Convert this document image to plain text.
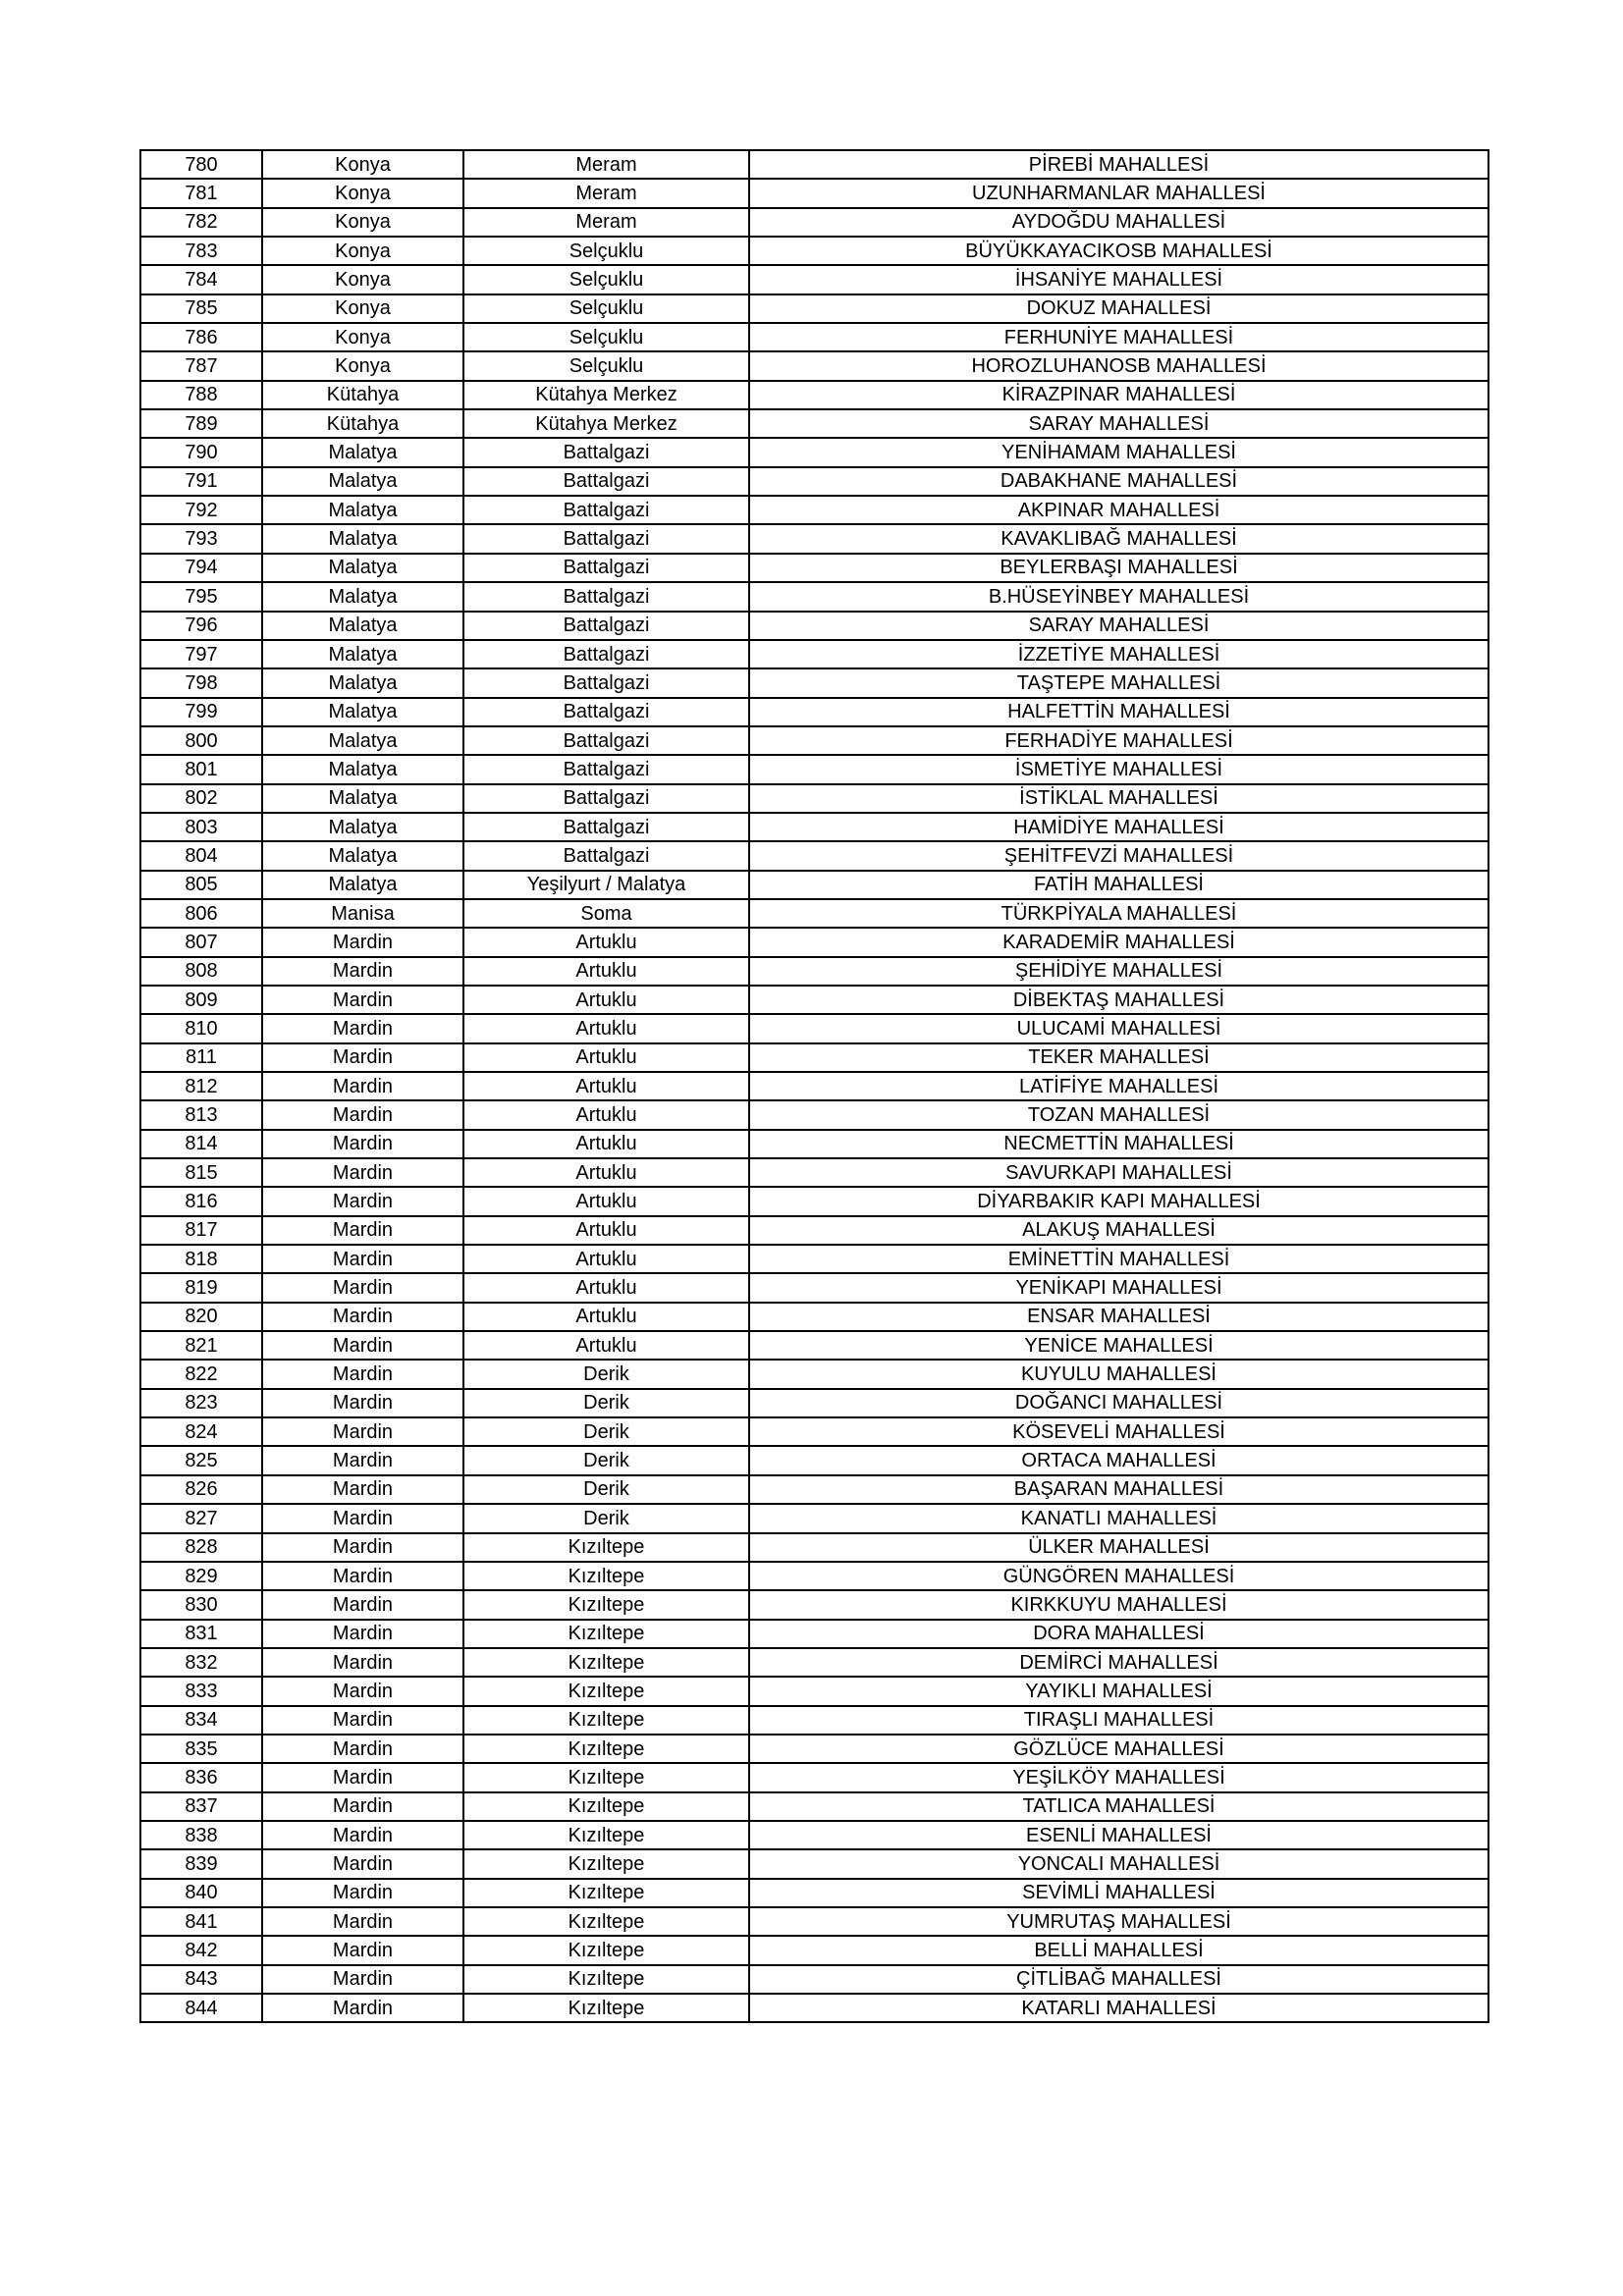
780	Konya	Meram	PİREBİ MAHALLESİ
781	Konya	Meram	UZUNHARMANLAR MAHALLESİ
782	Konya	Meram	AYDOĞDU MAHALLESİ
783	Konya	Selçuklu	BÜYÜKKAYACIKOSB MAHALLESİ
784	Konya	Selçuklu	İHSANİYE MAHALLESİ
785	Konya	Selçuklu	DOKUZ MAHALLESİ
786	Konya	Selçuklu	FERHUNİYE MAHALLESİ
787	Konya	Selçuklu	HOROZLUHANOSB MAHALLESİ
788	Kütahya	Kütahya Merkez	KİRAZPINAR MAHALLESİ
789	Kütahya	Kütahya Merkez	SARAY MAHALLESİ
790	Malatya	Battalgazi	YENİHAMAM MAHALLESİ
791	Malatya	Battalgazi	DABAKHANE MAHALLESİ
792	Malatya	Battalgazi	AKPINAR MAHALLESİ
793	Malatya	Battalgazi	KAVAKLIBAĞ MAHALLESİ
794	Malatya	Battalgazi	BEYLERBAŞI MAHALLESİ
795	Malatya	Battalgazi	B.HÜSEYİNBEY MAHALLESİ
796	Malatya	Battalgazi	SARAY MAHALLESİ
797	Malatya	Battalgazi	İZZETİYE MAHALLESİ
798	Malatya	Battalgazi	TAŞTEPE MAHALLESİ
799	Malatya	Battalgazi	HALFETTİN MAHALLESİ
800	Malatya	Battalgazi	FERHADİYE MAHALLESİ
801	Malatya	Battalgazi	İSMETİYE MAHALLESİ
802	Malatya	Battalgazi	İSTİKLAL MAHALLESİ
803	Malatya	Battalgazi	HAMİDİYE MAHALLESİ
804	Malatya	Battalgazi	ŞEHİTFEVZİ MAHALLESİ
805	Malatya	Yeşilyurt / Malatya	FATİH MAHALLESİ
806	Manisa	Soma	TÜRKPİYALA MAHALLESİ
807	Mardin	Artuklu	KARADEMİR MAHALLESİ
808	Mardin	Artuklu	ŞEHİDİYE MAHALLESİ
809	Mardin	Artuklu	DİBEKTAŞ MAHALLESİ
810	Mardin	Artuklu	ULUCAMİ MAHALLESİ
811	Mardin	Artuklu	TEKER MAHALLESİ
812	Mardin	Artuklu	LATİFİYE MAHALLESİ
813	Mardin	Artuklu	TOZAN MAHALLESİ
814	Mardin	Artuklu	NECMETTİN MAHALLESİ
815	Mardin	Artuklu	SAVURKAPI MAHALLESİ
816	Mardin	Artuklu	DİYARBAKIR KAPI MAHALLESİ
817	Mardin	Artuklu	ALAKUŞ MAHALLESİ
818	Mardin	Artuklu	EMİNETTİN MAHALLESİ
819	Mardin	Artuklu	YENİKAPI MAHALLESİ
820	Mardin	Artuklu	ENSAR MAHALLESİ
821	Mardin	Artuklu	YENİCE MAHALLESİ
822	Mardin	Derik	KUYULU MAHALLESİ
823	Mardin	Derik	DOĞANCI MAHALLESİ
824	Mardin	Derik	KÖSEVELİ MAHALLESİ
825	Mardin	Derik	ORTACA MAHALLESİ
826	Mardin	Derik	BAŞARAN MAHALLESİ
827	Mardin	Derik	KANATLI MAHALLESİ
828	Mardin	Kızıltepe	ÜLKER MAHALLESİ
829	Mardin	Kızıltepe	GÜNGÖREN MAHALLESİ
830	Mardin	Kızıltepe	KIRKKUYU MAHALLESİ
831	Mardin	Kızıltepe	DORA MAHALLESİ
832	Mardin	Kızıltepe	DEMİRCİ MAHALLESİ
833	Mardin	Kızıltepe	YAYIKLI MAHALLESİ
834	Mardin	Kızıltepe	TIRAŞLI MAHALLESİ
835	Mardin	Kızıltepe	GÖZLÜCE MAHALLESİ
836	Mardin	Kızıltepe	YEŞİLKÖY MAHALLESİ
837	Mardin	Kızıltepe	TATLICA MAHALLESİ
838	Mardin	Kızıltepe	ESENLİ MAHALLESİ
839	Mardin	Kızıltepe	YONCALI MAHALLESİ
840	Mardin	Kızıltepe	SEVİMLİ MAHALLESİ
841	Mardin	Kızıltepe	YUMRUTAŞ MAHALLESİ
842	Mardin	Kızıltepe	BELLİ MAHALLESİ
843	Mardin	Kızıltepe	ÇİTLİBAĞ MAHALLESİ
844	Mardin	Kızıltepe	KATARLI MAHALLESİ
